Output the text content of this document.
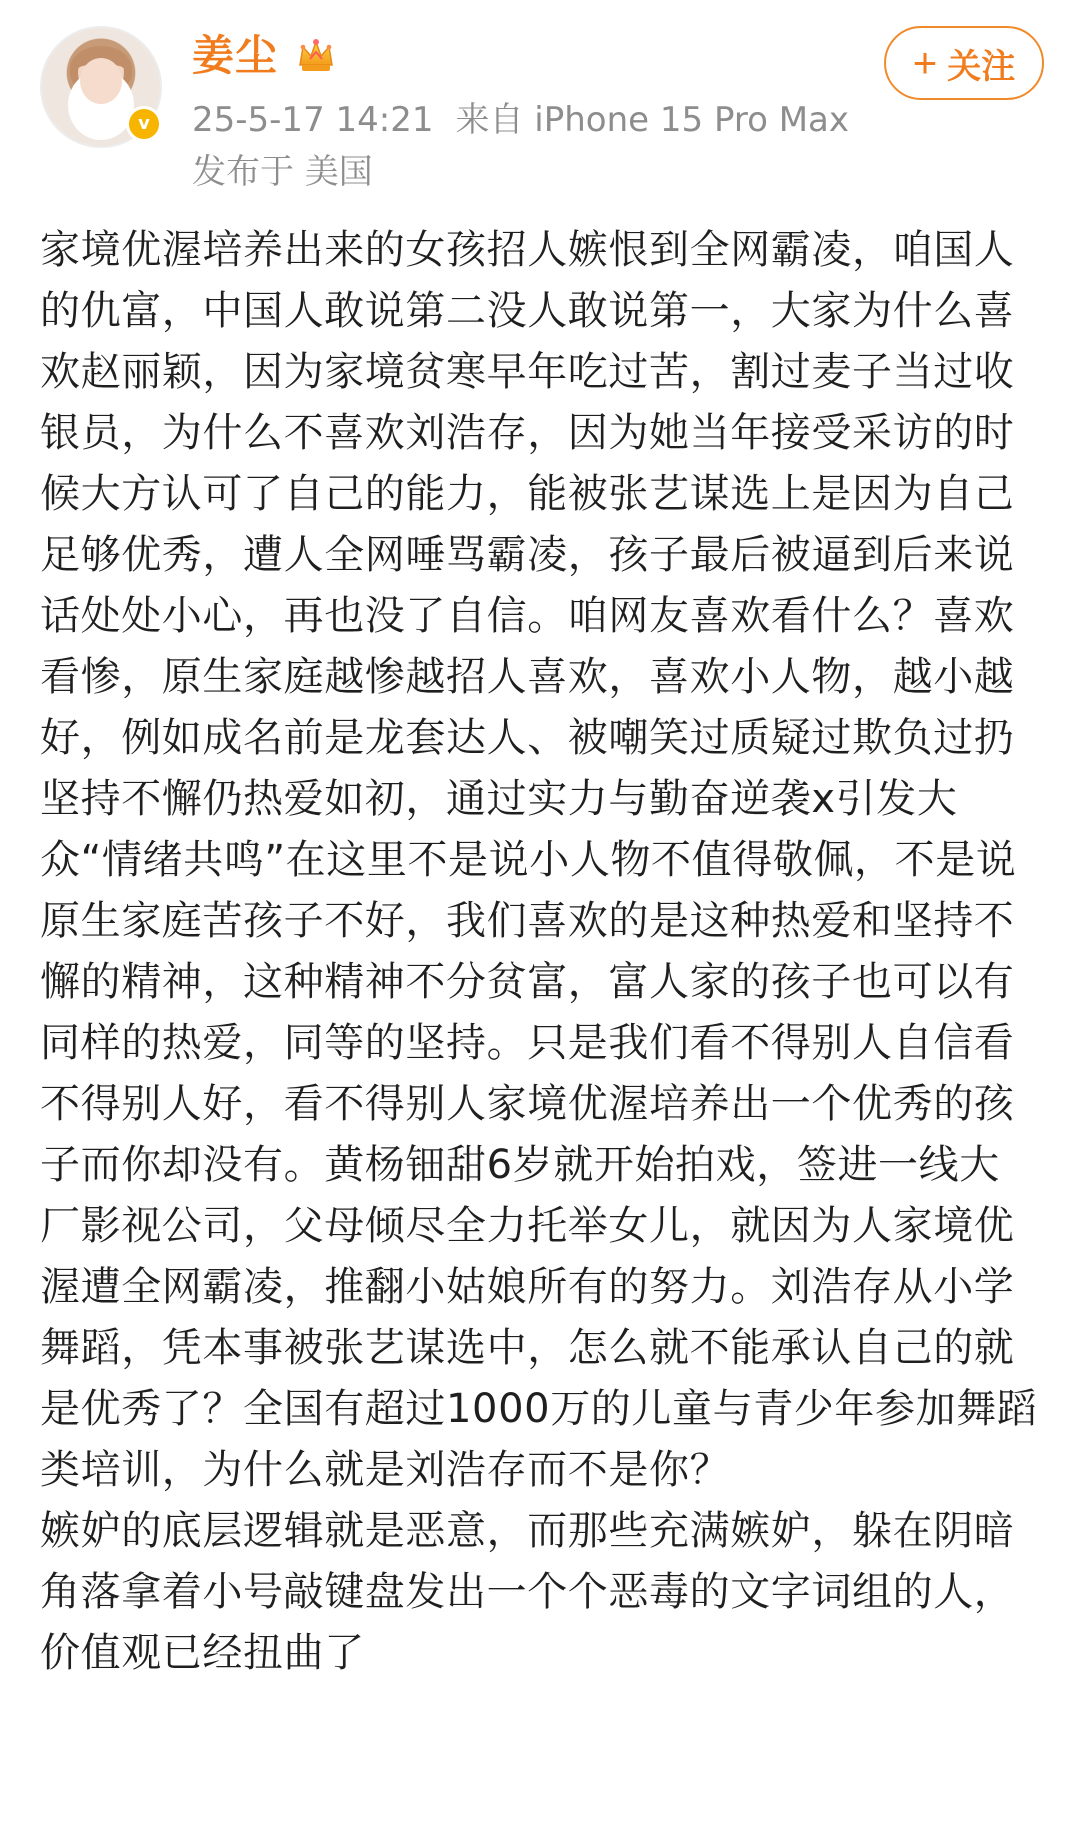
v
姜尘
25-5-17 14:21 来自 iPhone 15 Pro Max
发布于 美国
+ 关注

家境优渥培养出来的女孩招人嫉恨到全网霸凌，咱国人的仇富，中国人敢说第二没人敢说第一，大家为什么喜欢赵丽颖，因为家境贫寒早年吃过苦，割过麦子当过收银员，为什么不喜欢刘浩存，因为她当年接受采访的时候大方认可了自己的能力，能被张艺谋选上是因为自己足够优秀，遭人全网唾骂霸凌，孩子最后被逼到后来说话处处小心，再也没了自信。咱网友喜欢看什么？喜欢看惨，原生家庭越惨越招人喜欢，喜欢小人物，越小越好，例如成名前是龙套达人、被嘲笑过质疑过欺负过扔坚持不懈仍热爱如初，通过实力与勤奋逆袭x引发大众“情绪共鸣”在这里不是说小人物不值得敬佩，不是说原生家庭苦孩子不好，我们喜欢的是这种热爱和坚持不懈的精神，这种精神不分贫富，富人家的孩子也可以有同样的热爱，同等的坚持。只是我们看不得别人自信看不得别人好，看不得别人家境优渥培养出一个优秀的孩子而你却没有。黄杨钿甜6岁就开始拍戏，签进一线大厂影视公司，父母倾尽全力托举女儿，就因为人家境优渥遭全网霸凌，推翻小姑娘所有的努力。刘浩存从小学舞蹈，凭本事被张艺谋选中，怎么就不能承认自己的就是优秀了？全国有超过1000万的儿童与青少年参加舞蹈类培训，为什么就是刘浩存而不是你？

嫉妒的底层逻辑就是恶意，而那些充满嫉妒，躲在阴暗角落拿着小号敲键盘发出一个个恶毒的文字词组的人，价值观已经扭曲了
